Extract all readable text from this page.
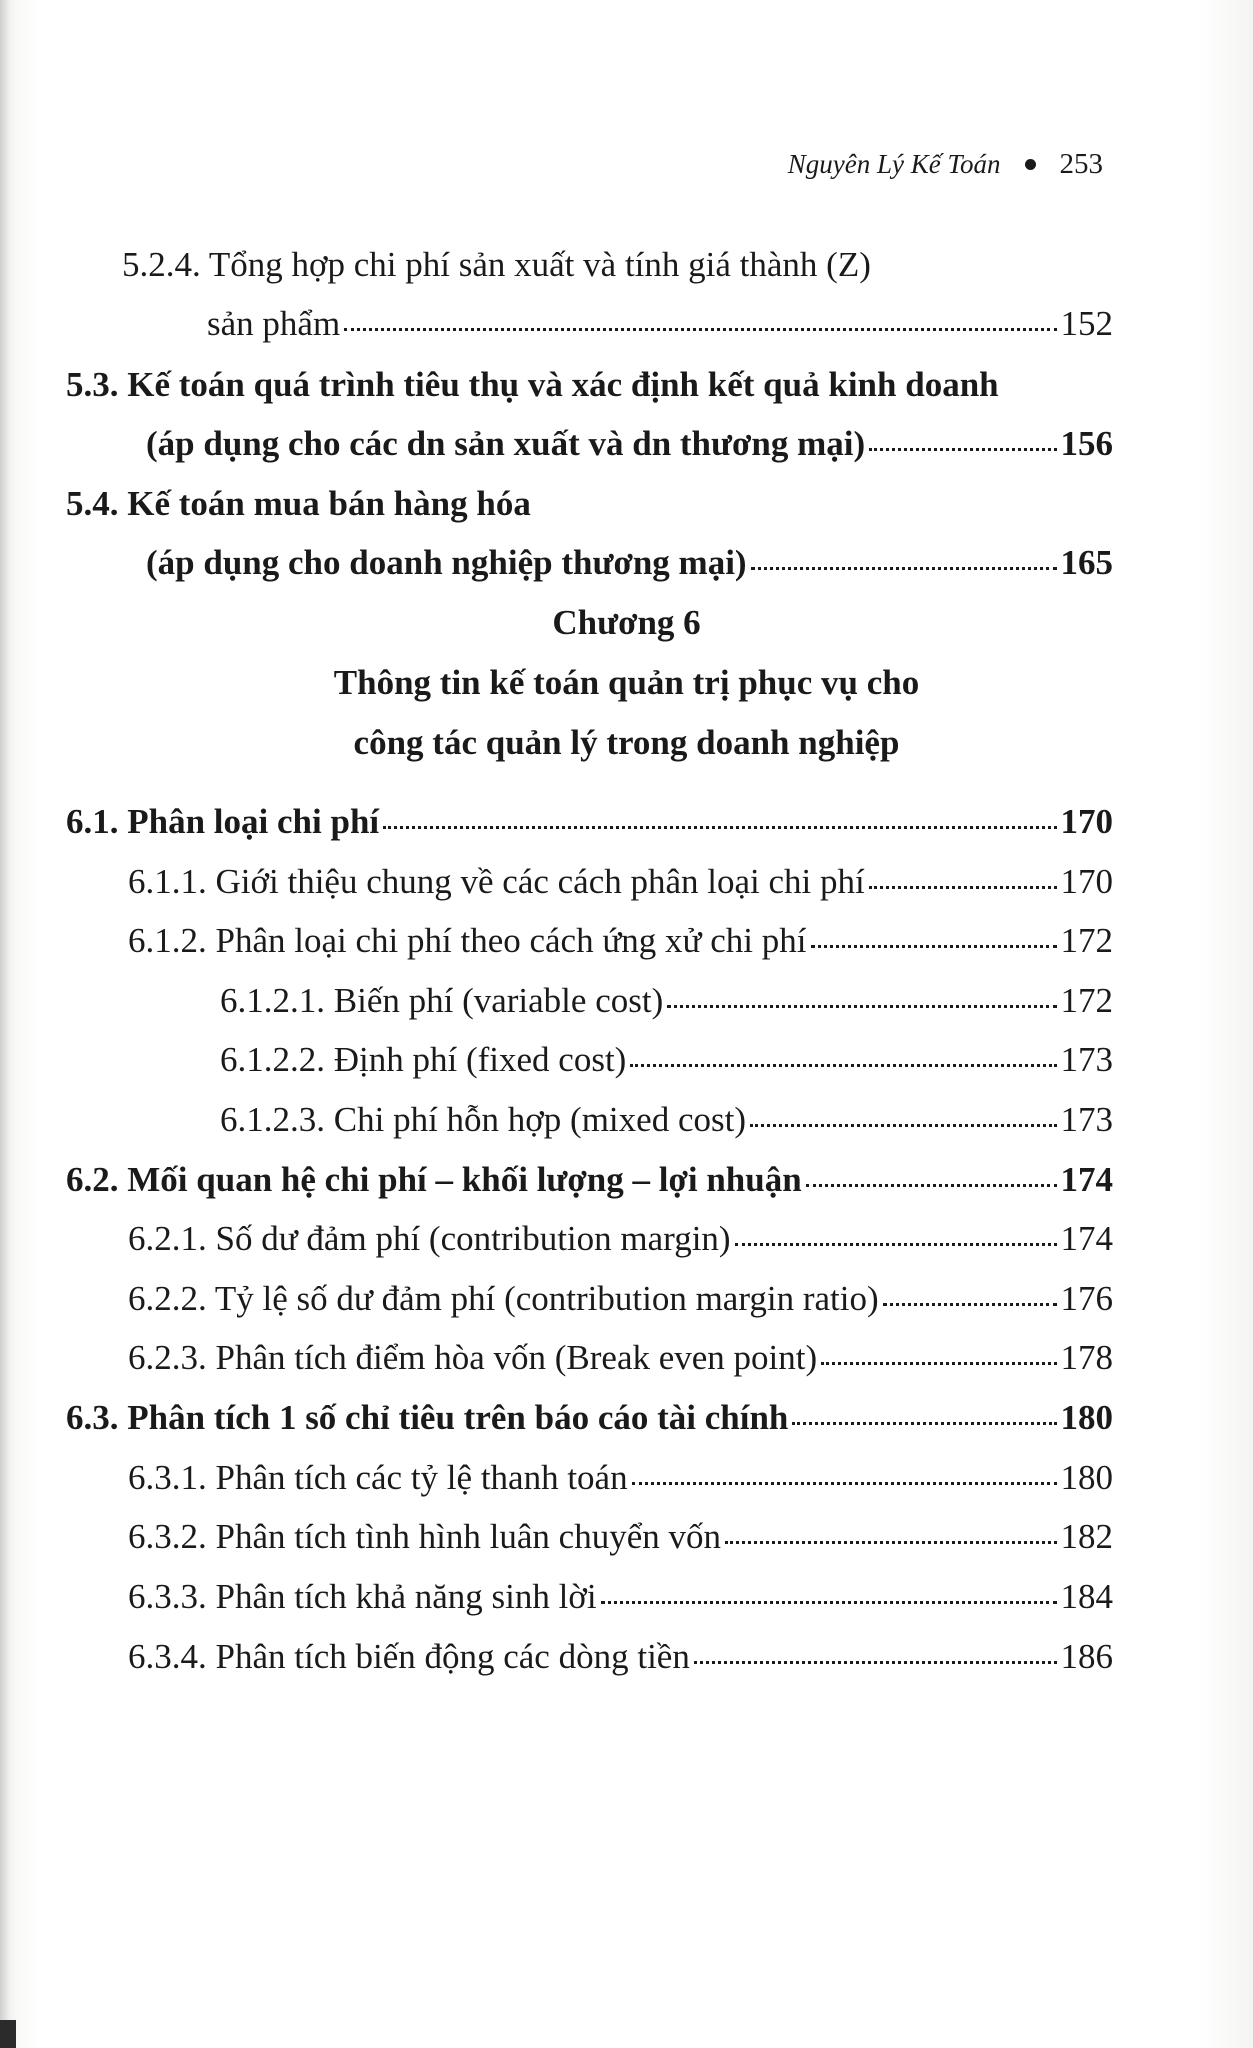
Nguyên Lý Kế Toán 253
5.2.4. Tổng hợp chi phí sản xuất và tính giá thành (Z)
sản phẩm	152
5.3. Kế toán quá trình tiêu thụ và xác định kết quả kinh doanh
(áp dụng cho các dn sản xuất và dn thương mại)	156
5.4. Kế toán mua bán hàng hóa
(áp dụng cho doanh nghiệp thương mại)	165
Chương 6
Thông tin kế toán quản trị phục vụ cho
công tác quản lý trong doanh nghiệp
6.1. Phân loại chi phí	170
6.1.1. Giới thiệu chung về các cách phân loại chi phí	170
6.1.2. Phân loại chi phí theo cách ứng xử chi phí	172
6.1.2.1. Biến phí (variable cost)	172
6.1.2.2. Định phí (fixed cost)	173
6.1.2.3. Chi phí hỗn hợp (mixed cost)	173
6.2. Mối quan hệ chi phí – khối lượng – lợi nhuận	174
6.2.1. Số dư đảm phí (contribution margin)	174
6.2.2. Tỷ lệ số dư đảm phí (contribution margin ratio)	176
6.2.3. Phân tích điểm hòa vốn (Break even point)	178
6.3. Phân tích 1 số chỉ tiêu trên báo cáo tài chính	180
6.3.1. Phân tích các tỷ lệ thanh toán	180
6.3.2. Phân tích tình hình luân chuyển vốn	182
6.3.3. Phân tích khả năng sinh lời	184
6.3.4. Phân tích biến động các dòng tiền	186
